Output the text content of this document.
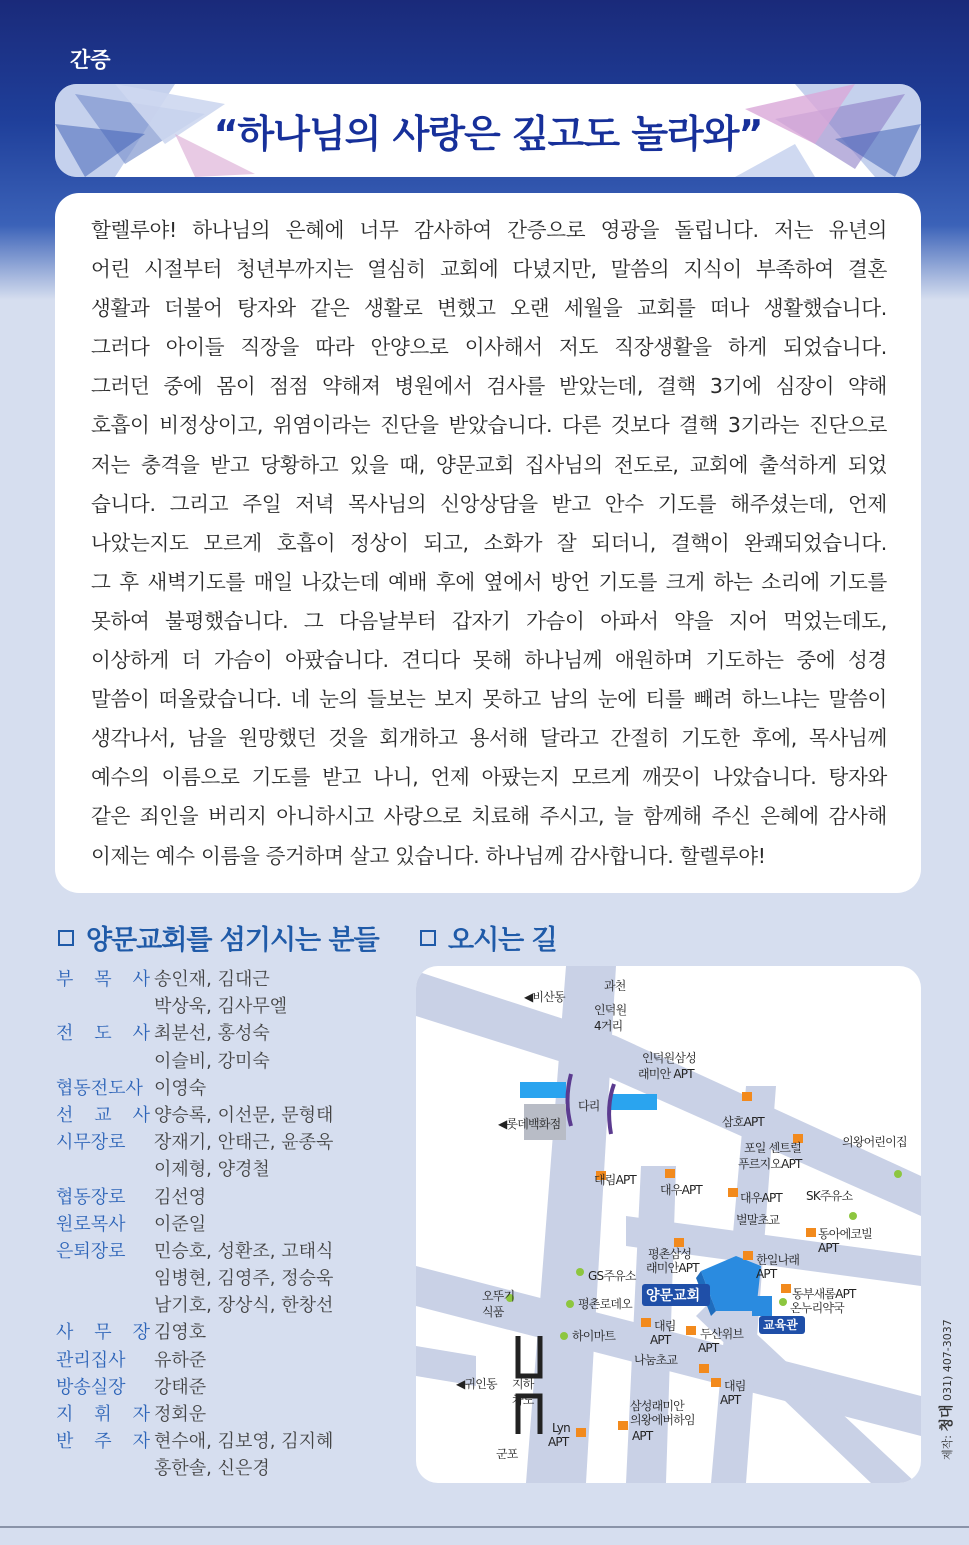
간증
“하나님의 사랑은 깊고도 놀라와”
할렐루야! 하나님의 은혜에 너무 감사하여 간증으로 영광을 돌립니다. 저는 유년의
어린 시절부터 청년부까지는 열심히 교회에 다녔지만, 말씀의 지식이 부족하여 결혼
생활과 더불어 탕자와 같은 생활로 변했고 오랜 세월을 교회를 떠나 생활했습니다.
그러다 아이들 직장을 따라 안양으로 이사해서 저도 직장생활을 하게 되었습니다.
그러던 중에 몸이 점점 약해져 병원에서 검사를 받았는데, 결핵 3기에 심장이 약해
호흡이 비정상이고, 위염이라는 진단을 받았습니다. 다른 것보다 결핵 3기라는 진단으로
저는 충격을 받고 당황하고 있을 때, 양문교회 집사님의 전도로, 교회에 출석하게 되었
습니다. 그리고 주일 저녁 목사님의 신앙상담을 받고 안수 기도를 해주셨는데, 언제
나았는지도 모르게 호흡이 정상이 되고, 소화가 잘 되더니, 결핵이 완쾌되었습니다.
그 후 새벽기도를 매일 나갔는데 예배 후에 옆에서 방언 기도를 크게 하는 소리에 기도를
못하여 불평했습니다. 그 다음날부터 갑자기 가슴이 아파서 약을 지어 먹었는데도,
이상하게 더 가슴이 아팠습니다. 견디다 못해 하나님께 애원하며 기도하는 중에 성경
말씀이 떠올랐습니다. 네 눈의 들보는 보지 못하고 남의 눈에 티를 빼려 하느냐는 말씀이
생각나서, 남을 원망했던 것을 회개하고 용서해 달라고 간절히 기도한 후에, 목사님께
예수의 이름으로 기도를 받고 나니, 언제 아팠는지 모르게 깨끗이 나았습니다. 탕자와
같은 죄인을 버리지 아니하시고 사랑으로 치료해 주시고, 늘 함께해 주신 은혜에 감사해
이제는 예수 이름을 증거하며 살고 있습니다. 하나님께 감사합니다. 할렐루야!
양문교회를 섬기시는 분들	오시는 길
부 목 사 송인재, 김대근
박상욱, 김사무엘
전 도 사 최분선, 홍성숙
이슬비, 강미숙
협동전도사 이영숙
선 교 사 양승록, 이선문, 문형태
시무장로	장재기, 안태근, 윤종욱
이제형, 양경철
협동장로	김선영
원로목사	이준일
은퇴장로	민승호, 성환조, 고태식
임병현, 김영주, 정승욱
남기호, 장상식, 한창선
사 무 장 김영호
관리집사	유하준
방송실장	강태준
지 휘 자 정회운
반 주 자 현수애, 김보영, 김지혜
홍한솔, 신은경
과천
◀비산동
인덕원
4거리
인덕원삼성
래미안 APT
다리
◀롯데백화점	삼호APT
의왕어린이집
포일 센트럴
푸르지오APT
대림APT
대우APT
대우APT SK주유소
벌말초교
동아에코빌
APT
평촌삼성
래미안APT
한일나래
APT
GS주유소
양문교회	동부새롬APT
온누리약국
교육관
오뚜기
식품
평촌로데오
대림
APT 두산위브
APT
하이마트
나눔초교
◀귀인동 지하
차도
대림
APT
삼성래미안
의왕에버하임
APT
Lyn
APT
군포	제작: 청대 031) 407-3037
